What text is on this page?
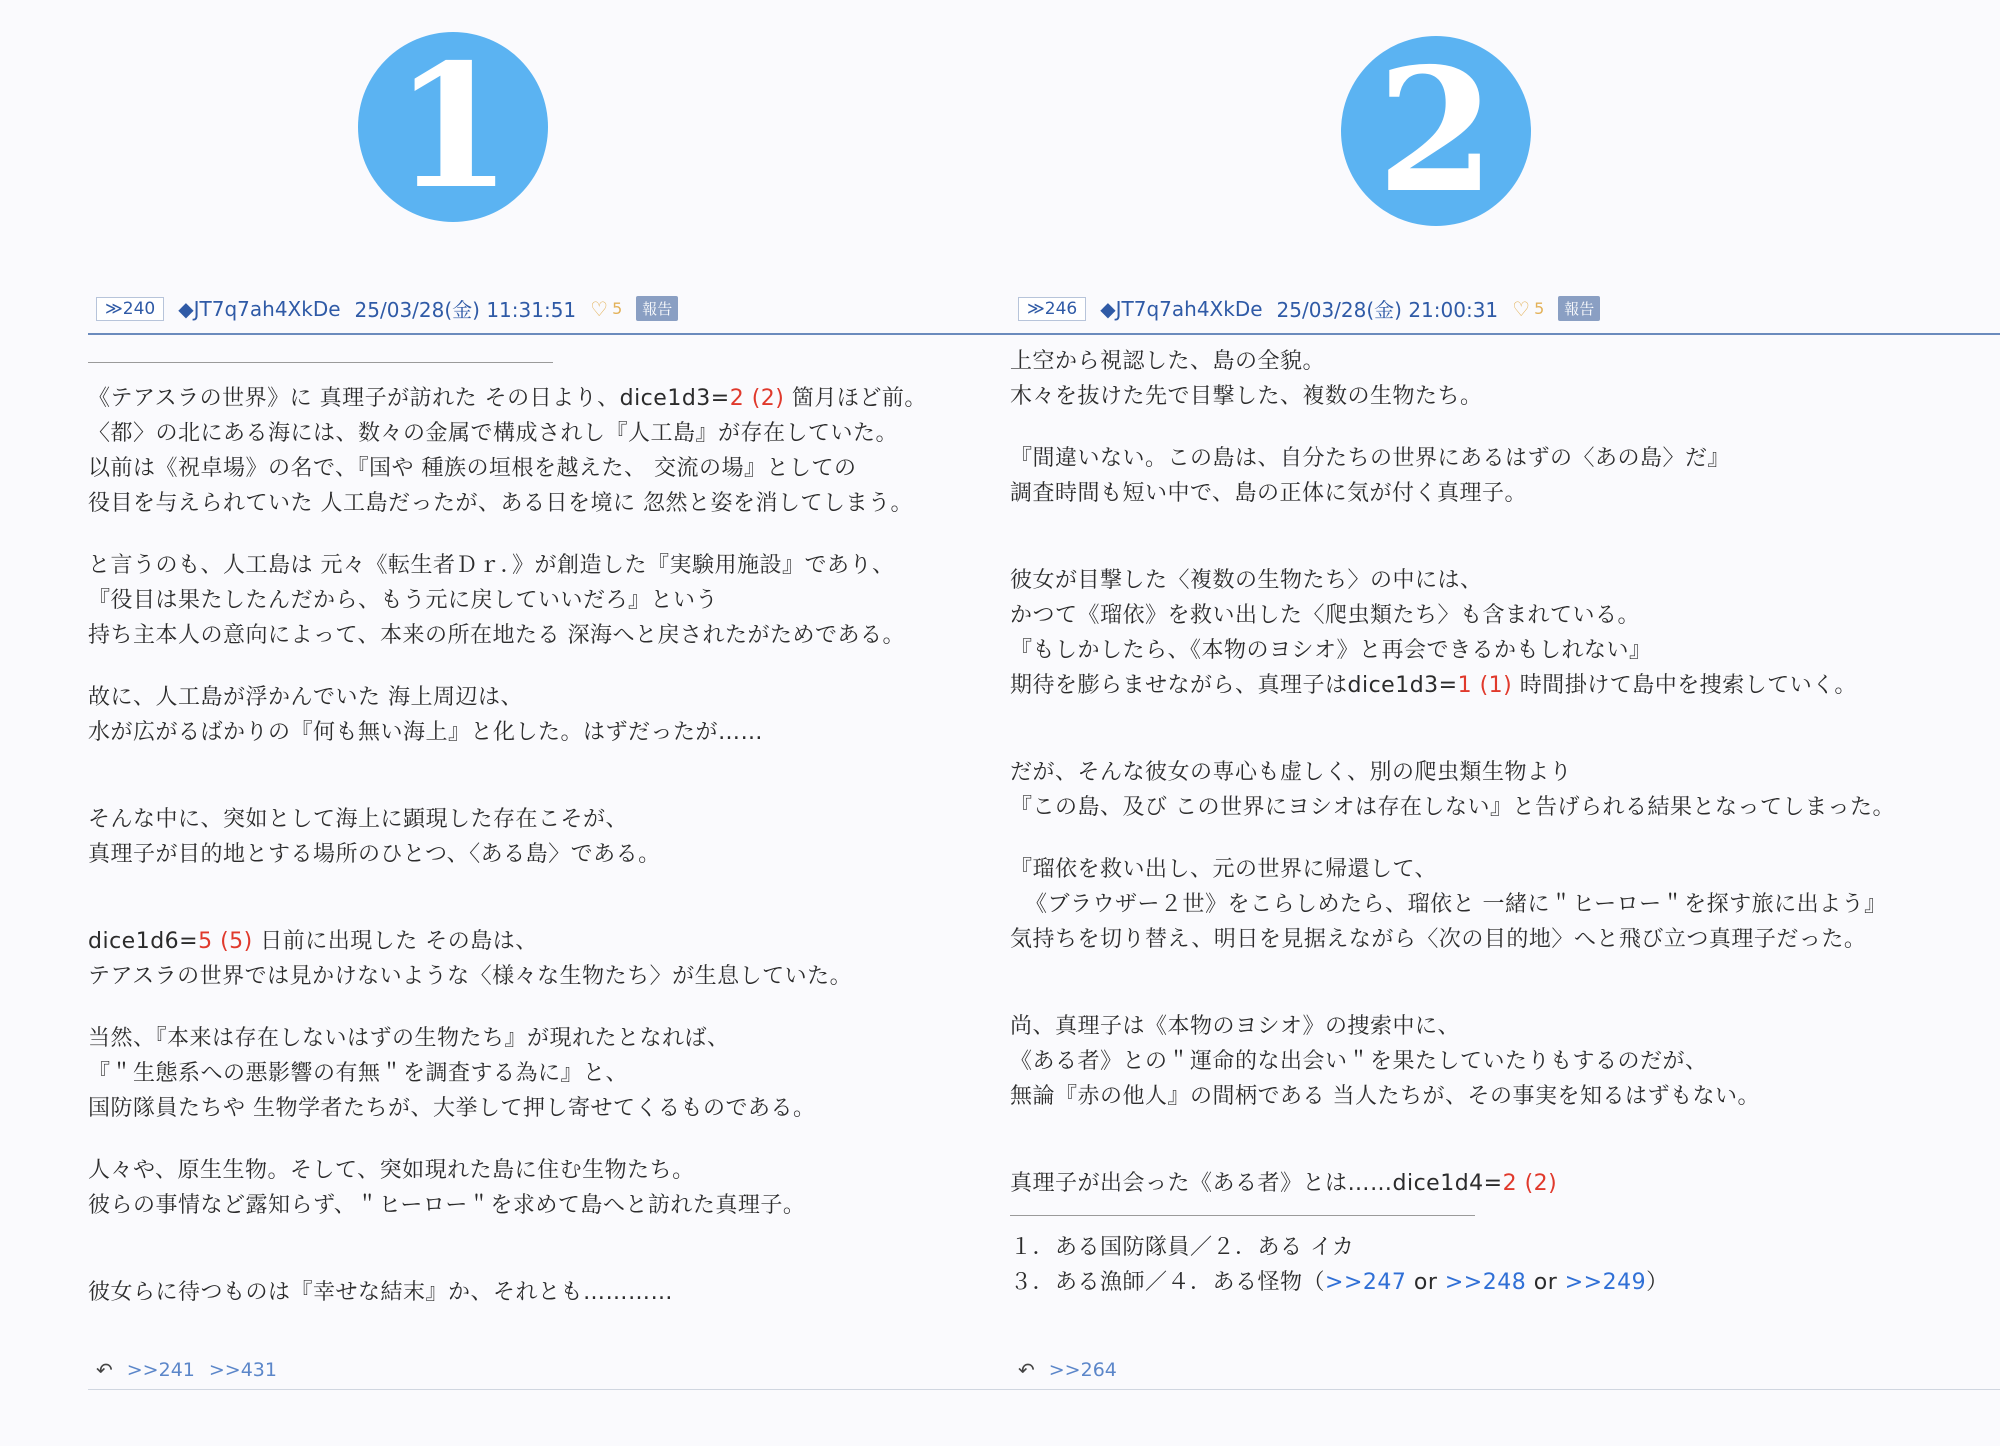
1
≫240	◆JT7q7ah4XkDe 25/03/28(金) 11:31:51 ♡ 5	報告

《テアスラの世界》に 真理子が訪れた その日より、dice1d3=2 (2) 箇月ほど前。
〈都〉の北にある海には、数々の金属で構成されし『人工島』が存在していた。
以前は《祝卓場》の名で、『国や 種族の垣根を越えた、 交流の場』としての
役目を与えられていた 人工島だったが、ある日を境に 忽然と姿を消してしまう。

と言うのも、人工島は 元々《転生者Ｄｒ．》が創造した『実験用施設』であり、
『役目は果たしたんだから、もう元に戻していいだろ』という
持ち主本人の意向によって、本来の所在地たる 深海へと戻されたがためである。

故に、人工島が浮かんでいた 海上周辺は、
水が広がるばかりの『何も無い海上』と化した。はずだったが……

そんな中に、突如として海上に顕現した存在こそが、
真理子が目的地とする場所のひとつ、〈ある島〉である。

dice1d6=5 (5) 日前に出現した その島は、
テアスラの世界では見かけないような〈様々な生物たち〉が生息していた。

当然、『本来は存在しないはずの生物たち』が現れたとなれば、
『＂生態系への悪影響の有無＂を調査する為に』と、
国防隊員たちや 生物学者たちが、大挙して押し寄せてくるものである。

人々や、原生生物。そして、突如現れた島に住む生物たち。
彼らの事情など露知らず、＂ヒーロー＂を求めて島へと訪れた真理子。

彼女らに待つものは『幸せな結末』か、それとも…………

↶ >>241 >>431
2
≫246	◆JT7q7ah4XkDe 25/03/28(金) 21:00:31 ♡ 5	報告

上空から視認した、島の全貌。
木々を抜けた先で目撃した、複数の生物たち。

『間違いない。この島は、自分たちの世界にあるはずの〈あの島〉だ』
調査時間も短い中で、島の正体に気が付く真理子。

彼女が目撃した〈複数の生物たち〉の中には、
かつて《瑠依》を救い出した〈爬虫類たち〉も含まれている。
『もしかしたら、《本物のヨシオ》と再会できるかもしれない』
期待を膨らませながら、真理子はdice1d3=1 (1) 時間掛けて島中を捜索していく。

だが、そんな彼女の専心も虚しく、別の爬虫類生物より
『この島、及び この世界にヨシオは存在しない』と告げられる結果となってしまった。

『瑠依を救い出し、元の世界に帰還して、
《ブラウザー２世》をこらしめたら、瑠依と 一緒に＂ヒーロー＂を探す旅に出よう』
気持ちを切り替え、明日を見据えながら〈次の目的地〉へと飛び立つ真理子だった。

尚、真理子は《本物のヨシオ》の捜索中に、
《ある者》との＂運命的な出会い＂を果たしていたりもするのだが、
無論『赤の他人』の間柄である 当人たちが、その事実を知るはずもない。

真理子が出会った《ある者》とは……dice1d4=2 (2)

１．ある国防隊員／２．ある イカ
３．ある漁師／４．ある怪物（>>247 or >>248 or >>249）

↶ >>264
